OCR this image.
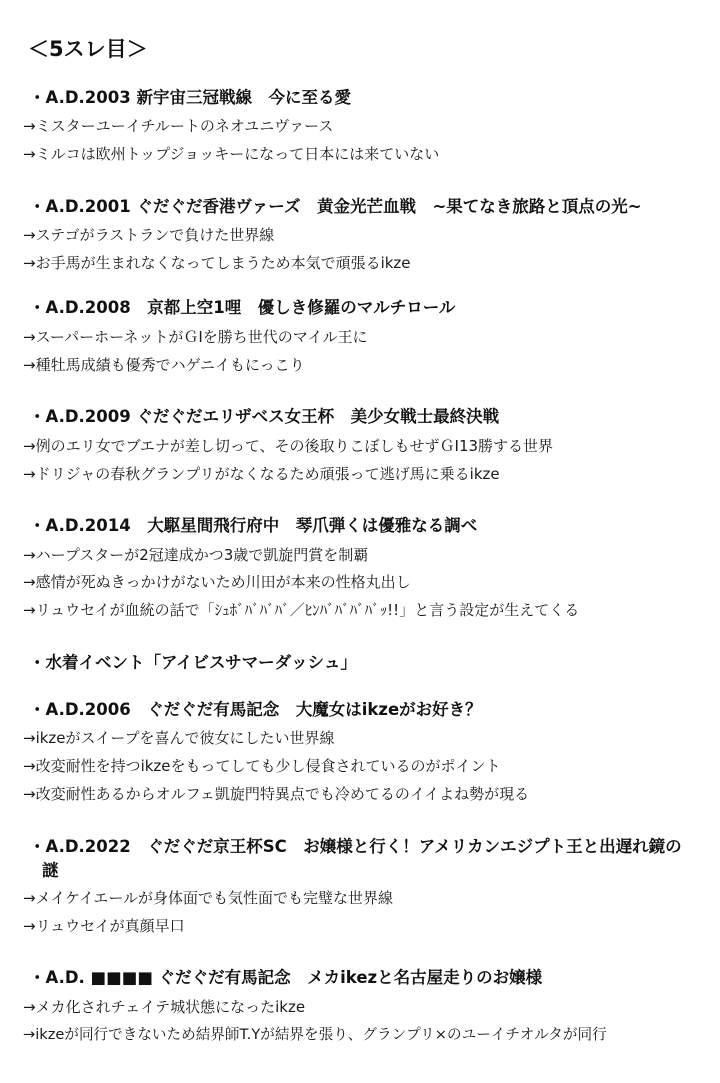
＜5スレ目＞
・A.D.2003 新宇宙三冠戦線　今に至る愛
→ミスターユーイチルートのネオユニヴァース
→ミルコは欧州トップジョッキーになって日本には来ていない
・A.D.2001 ぐだぐだ香港ヴァーズ　黄金光芒血戦　~果てなき旅路と頂点の光~
→ステゴがラストランで負けた世界線
→お手馬が生まれなくなってしまうため本気で頑張るikze
・A.D.2008　京都上空1哩　優しき修羅のマルチロール
→スーパーホーネットがＧⅠを勝ち世代のマイル王に
→種牡馬成績も優秀でハゲニイもにっこり
・A.D.2009 ぐだぐだエリザベス女王杯　美少女戦士最終決戦
→例のエリ女でブエナが差し切って、その後取りこぼしもせずＧⅠ13勝する世界
→ドリジャの春秋グランプリがなくなるため頑張って逃げ馬に乗るikze
・A.D.2014　大駆星間飛行府中　琴爪弾くは優雅なる調べ
→ハープスターが2冠達成かつ3歳で凱旋門賞を制覇
→感情が死ぬきっかけがないため川田が本来の性格丸出し
→リュウセイが血統の話で「ｼｭﾎﾞﾊﾞﾊﾞﾊﾞ／ﾋﾝﾊﾞﾊﾞﾊﾞﾊﾞｯ!!」と言う設定が生えてくる
・水着イベント「アイビスサマーダッシュ」
・A.D.2006　ぐだぐだ有馬記念　大魔女はikzeがお好き？
→ikzeがスイープを喜んで彼女にしたい世界線
→改変耐性を持つikzeをもってしても少し侵食されているのがポイント
→改変耐性あるからオルフェ凱旋門特異点でも冷めてるのイイよね勢が現る
・A.D.2022　ぐだぐだ京王杯SC　お嬢様と行く！アメリカンエジプト王と出遅れ鏡の謎
→メイケイエールが身体面でも気性面でも完璧な世界線
→リュウセイが真顔早口
・A.D. ■■■■ ぐだぐだ有馬記念　メカikezと名古屋走りのお嬢様
→メカ化されチェイテ城状態になったikze
→ikzeが同行できないため結界師T.Yが結界を張り、グランプリ×のユーイチオルタが同行
